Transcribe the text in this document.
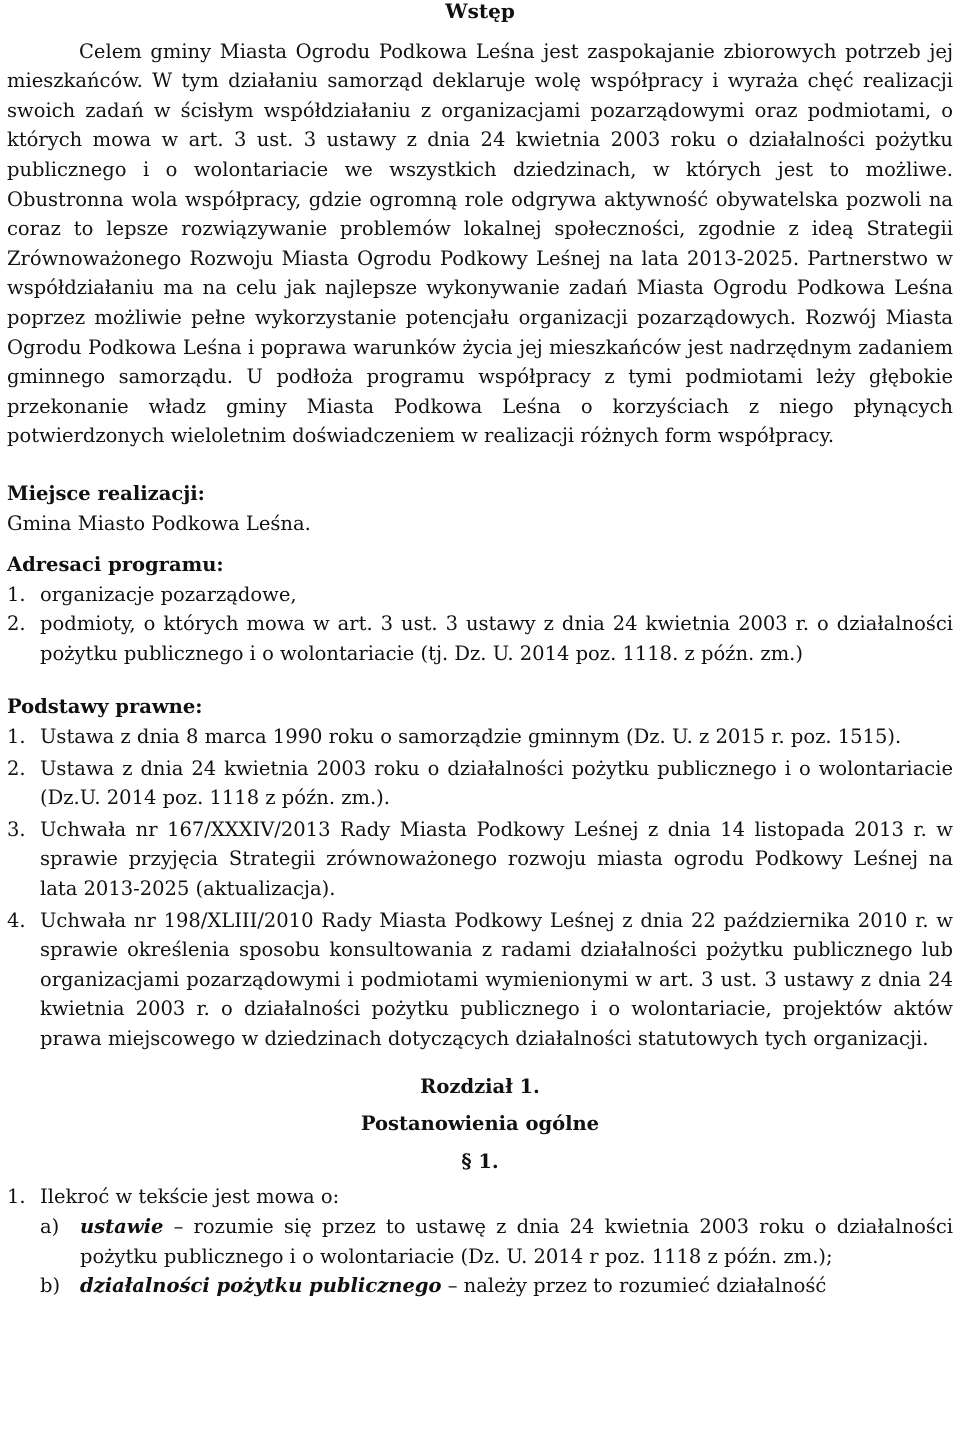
Wstęp

Celem gminy Miasta Ogrodu Podkowa Leśna jest zaspokajanie zbiorowych potrzeb jej mieszkańców. W tym działaniu samorząd deklaruje wolę współpracy i wyraża chęć realizacji swoich zadań w ścisłym współdziałaniu z organizacjami pozarządowymi oraz podmiotami, o których mowa w art. 3 ust. 3 ustawy z dnia 24 kwietnia 2003 roku o działalności pożytku publicznego i o wolontariacie we wszystkich dziedzinach, w których jest to możliwe. Obustronna wola współpracy, gdzie ogromną role odgrywa aktywność obywatelska pozwoli na coraz to lepsze rozwiązywanie problemów lokalnej społeczności, zgodnie z ideą Strategii Zrównoważonego Rozwoju Miasta Ogrodu Podkowy Leśnej na lata 2013-2025. Partnerstwo w współdziałaniu ma na celu jak najlepsze wykonywanie zadań Miasta Ogrodu Podkowa Leśna poprzez możliwie pełne wykorzystanie potencjału organizacji pozarządowych. Rozwój Miasta Ogrodu Podkowa Leśna i poprawa warunków życia jej mieszkańców jest nadrzędnym zadaniem gminnego samorządu. U podłoża programu współpracy z tymi podmiotami leży głębokie przekonanie władz gminy Miasta Podkowa Leśna o korzyściach z niego płynących potwierdzonych wieloletnim doświadczeniem w realizacji różnych form współpracy.

Miejsce realizacji:

Gmina Miasto Podkowa Leśna.

Adresaci programu:

1. organizacje pozarządowe,
2. podmioty, o których mowa w art. 3 ust. 3 ustawy z dnia 24 kwietnia 2003 r. o działalności pożytku publicznego i o wolontariacie (tj. Dz. U. 2014 poz. 1118. z późn. zm.)

Podstawy prawne:

1. Ustawa z dnia 8 marca 1990 roku o samorządzie gminnym (Dz. U. z 2015 r. poz. 1515).
2. Ustawa z dnia 24 kwietnia 2003 roku o działalności pożytku publicznego i o wolontariacie (Dz.U. 2014 poz. 1118 z późn. zm.).
3. Uchwała nr 167/XXXIV/2013 Rady Miasta Podkowy Leśnej z dnia 14 listopada 2013 r. w sprawie przyjęcia Strategii zrównoważonego rozwoju miasta ogrodu Podkowy Leśnej na lata 2013-2025 (aktualizacja).
4. Uchwała nr 198/XLIII/2010 Rady Miasta Podkowy Leśnej z dnia 22 października 2010 r. w sprawie określenia sposobu konsultowania z radami działalności pożytku publicznego lub organizacjami pozarządowymi i podmiotami wymienionymi w art. 3 ust. 3 ustawy z dnia 24 kwietnia 2003 r. o działalności pożytku publicznego i o wolontariacie, projektów aktów prawa miejscowego w dziedzinach dotyczących działalności statutowych tych organizacji.

Rozdział 1.

Postanowienia ogólne

§ 1.

1. Ilekroć w tekście jest mowa o:
a) ustawie – rozumie się przez to ustawę z dnia 24 kwietnia 2003 roku o działalności pożytku publicznego i o wolontariacie (Dz. U. 2014 r poz. 1118 z późn. zm.);
b) działalności pożytku publicznego – należy przez to rozumieć działalność
